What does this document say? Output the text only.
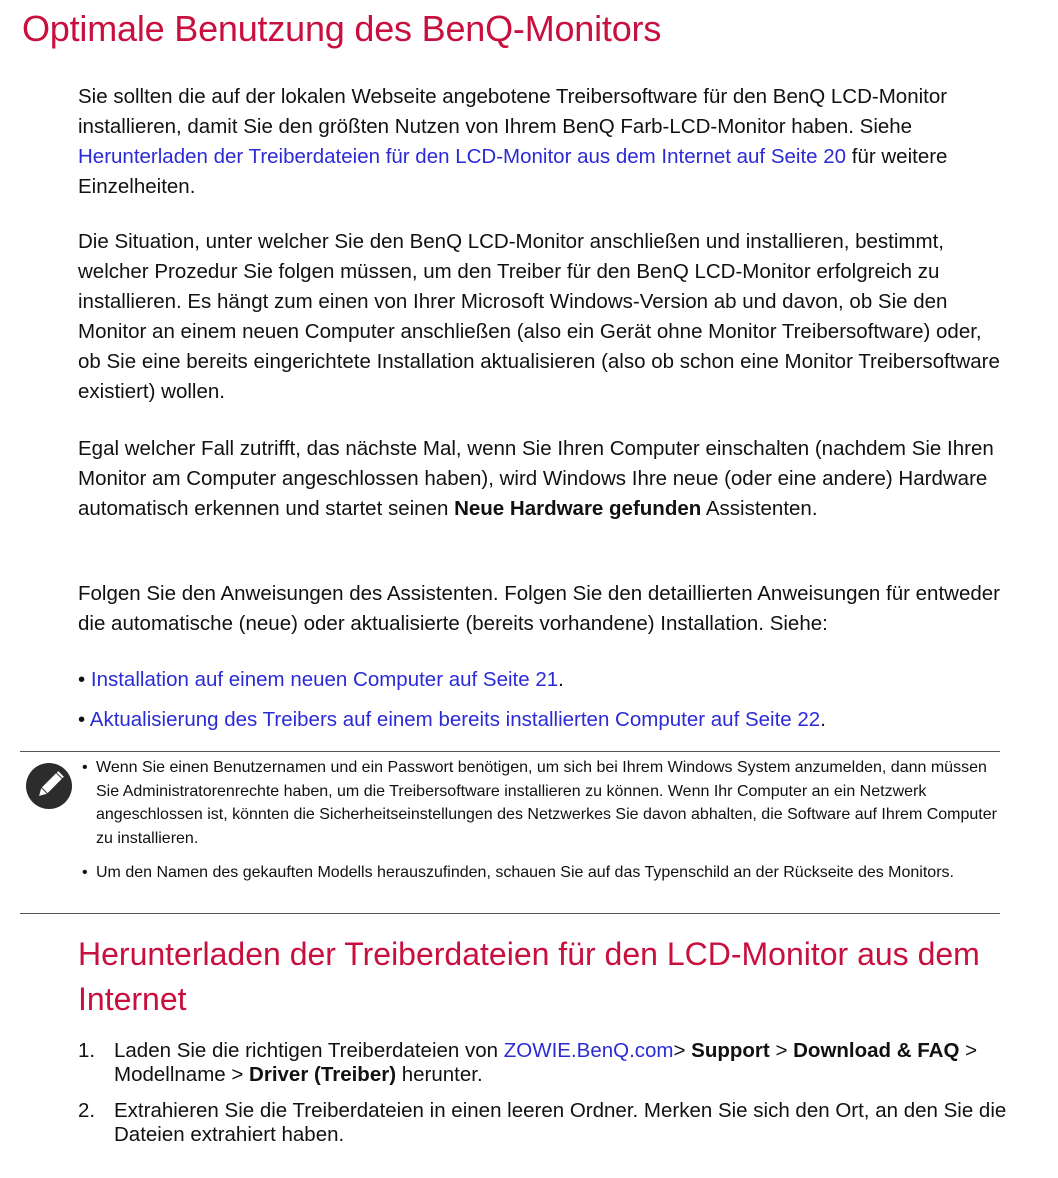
Optimale Benutzung des BenQ-Monitors

Sie sollten die auf der lokalen Webseite angebotene Treibersoftware für den BenQ LCD-Monitor installieren, damit Sie den größten Nutzen von Ihrem BenQ Farb-LCD-Monitor haben. Siehe Herunterladen der Treiberdateien für den LCD-Monitor aus dem Internet auf Seite 20 für weitere Einzelheiten.

Die Situation, unter welcher Sie den BenQ LCD-Monitor anschließen und installieren, bestimmt, welcher Prozedur Sie folgen müssen, um den Treiber für den BenQ LCD-Monitor erfolgreich zu installieren. Es hängt zum einen von Ihrer Microsoft Windows-Version ab und davon, ob Sie den Monitor an einem neuen Computer anschließen (also ein Gerät ohne Monitor Treibersoftware) oder, ob Sie eine bereits eingerichtete Installation aktualisieren (also ob schon eine Monitor Treibersoftware existiert) wollen.

Egal welcher Fall zutrifft, das nächste Mal, wenn Sie Ihren Computer einschalten (nachdem Sie Ihren Monitor am Computer angeschlossen haben), wird Windows Ihre neue (oder eine andere) Hardware automatisch erkennen und startet seinen Neue Hardware gefunden Assistenten.

Folgen Sie den Anweisungen des Assistenten. Folgen Sie den detaillierten Anweisungen für entweder die automatische (neue) oder aktualisierte (bereits vorhandene) Installation. Siehe:

• Installation auf einem neuen Computer auf Seite 21.
• Aktualisierung des Treibers auf einem bereits installierten Computer auf Seite 22.
• Wenn Sie einen Benutzernamen und ein Passwort benötigen, um sich bei Ihrem Windows System anzumelden, dann müssen Sie Administratorenrechte haben, um die Treibersoftware installieren zu können. Wenn Ihr Computer an ein Netzwerk angeschlossen ist, könnten die Sicherheitseinstellungen des Netzwerkes Sie davon abhalten, die Software auf Ihrem Computer zu installieren.
• Um den Namen des gekauften Modells herauszufinden, schauen Sie auf das Typenschild an der Rückseite des Monitors.
Herunterladen der Treiberdateien für den LCD-Monitor aus dem Internet
1. Laden Sie die richtigen Treiberdateien von ZOWIE.BenQ.com> Support > Download & FAQ > Modellname > Driver (Treiber) herunter.
2. Extrahieren Sie die Treiberdateien in einen leeren Ordner. Merken Sie sich den Ort, an den Sie die Dateien extrahiert haben.
